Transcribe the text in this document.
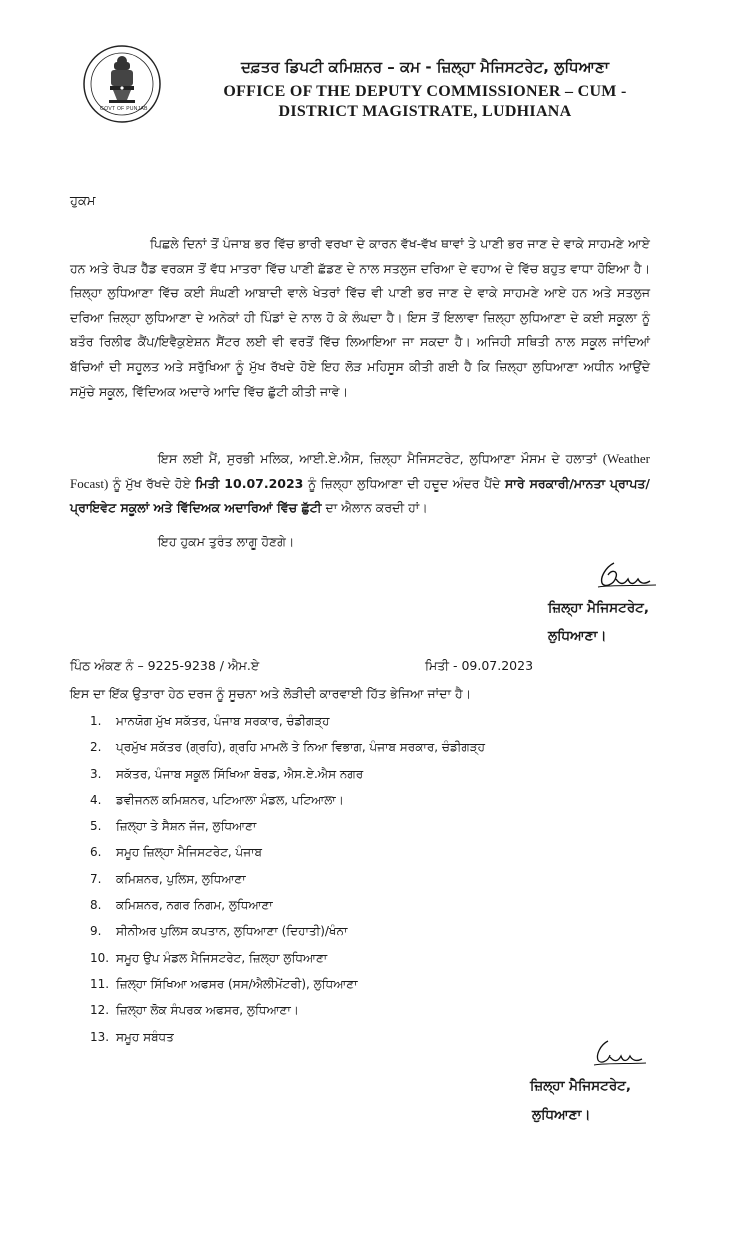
GOVT OF PUNJAB
ਦਫ਼ਤਰ ਡਿਪਟੀ ਕਮਿਸ਼ਨਰ – ਕਮ - ਜ਼ਿਲ੍ਹਾ ਮੈਜਿਸਟਰੇਟ, ਲੁਧਿਆਣਾ
OFFICE OF THE DEPUTY COMMISSIONER – CUM -
DISTRICT MAGISTRATE, LUDHIANA
ਹੁਕਮ
ਪਿਛਲੇ ਦਿਨਾਂ ਤੋਂ ਪੰਜਾਬ ਭਰ ਵਿੱਚ ਭਾਰੀ ਵਰਖਾ ਦੇ ਕਾਰਨ ਵੱਖ-ਵੱਖ ਥਾਵਾਂ ਤੇ ਪਾਣੀ ਭਰ ਜਾਣ ਦੇ ਵਾਕੇ ਸਾਹਮਣੇ ਆਏ ਹਨ ਅਤੇ ਰੋਪੜ ਹੈੱਡ ਵਰਕਸ ਤੋਂ ਵੱਧ ਮਾਤਰਾ ਵਿੱਚ ਪਾਣੀ ਛੱਡਣ ਦੇ ਨਾਲ ਸਤਲੁਜ ਦਰਿਆ ਦੇ ਵਹਾਅ ਦੇ ਵਿੱਚ ਬਹੁਤ ਵਾਧਾ ਹੋਇਆ ਹੈ। ਜ਼ਿਲ੍ਹਾ ਲੁਧਿਆਣਾ ਵਿੱਚ ਕਈ ਸੰਘਣੀ ਆਬਾਦੀ ਵਾਲੇ ਖੇਤਰਾਂ ਵਿੱਚ ਵੀ ਪਾਣੀ ਭਰ ਜਾਣ ਦੇ ਵਾਕੇ ਸਾਹਮਣੇ ਆਏ ਹਨ ਅਤੇ ਸਤਲੁਜ ਦਰਿਆ ਜ਼ਿਲ੍ਹਾ ਲੁਧਿਆਣਾ ਦੇ ਅਨੇਕਾਂ ਹੀ ਪਿੰਡਾਂ ਦੇ ਨਾਲ ਹੋ ਕੇ ਲੰਘਦਾ ਹੈ। ਇਸ ਤੋਂ ਇਲਾਵਾ ਜ਼ਿਲ੍ਹਾ ਲੁਧਿਆਣਾ ਦੇ ਕਈ ਸਕੂਲਾ ਨੂੰ ਬਤੌਰ ਰਿਲੀਫ ਕੈਂਪ/ਇਵੈਕੁਏਸ਼ਨ ਸੈਂਟਰ ਲਈ ਵੀ ਵਰਤੋਂ ਵਿੱਚ ਲਿਆਇਆ ਜਾ ਸਕਦਾ ਹੈ। ਅਜਿਹੀ ਸਥਿਤੀ ਨਾਲ ਸਕੂਲ ਜਾਂਦਿਆਂ ਬੱਚਿਆਂ ਦੀ ਸਹੂਲਤ ਅਤੇ ਸਰੁੱਖਿਆ ਨੂੰ ਮੁੱਖ ਰੱਖਦੇ ਹੋਏ ਇਹ ਲੋੜ ਮਹਿਸੂਸ ਕੀਤੀ ਗਈ ਹੈ ਕਿ ਜ਼ਿਲ੍ਹਾ ਲੁਧਿਆਣਾ ਅਧੀਨ ਆਉਂਦੇ ਸਮੁੱਚੇ ਸਕੂਲ, ਵਿੱਦਿਅਕ ਅਦਾਰੇ ਆਦਿ ਵਿੱਚ ਛੁੱਟੀ ਕੀਤੀ ਜਾਵੇ।
ਇਸ ਲਈ ਮੈਂ, ਸੁਰਭੀ ਮਲਿਕ, ਆਈ.ਏ.ਐਸ, ਜ਼ਿਲ੍ਹਾ ਮੈਜਿਸਟਰੇਟ, ਲੁਧਿਆਣਾ ਮੌਸਮ ਦੇ ਹਲਾਤਾਂ (Weather Focast) ਨੂੰ ਮੁੱਖ ਰੱਖਦੇ ਹੋਏ ਮਿਤੀ 10.07.2023 ਨੂੰ ਜ਼ਿਲ੍ਹਾ ਲੁਧਿਆਣਾ ਦੀ ਹਦੂਦ ਅੰਦਰ ਪੈਂਦੇ ਸਾਰੇ ਸਰਕਾਰੀ/ਮਾਨਤਾ ਪ੍ਰਾਪਤ/ਪ੍ਰਾਇਵੇਟ ਸਕੂਲਾਂ ਅਤੇ ਵਿੱਦਿਅਕ ਅਦਾਰਿਆਂ ਵਿੱਚ ਛੁੱਟੀ ਦਾ ਐਲਾਨ ਕਰਦੀ ਹਾਂ।
ਇਹ ਹੁਕਮ ਤੁਰੰਤ ਲਾਗੂ ਹੋਣਗੇ।
ਜ਼ਿਲ੍ਹਾ ਮੈਜਿਸਟਰੇਟ,
ਲੁਧਿਆਣਾ।
ਪਿੰਠ ਅੰਕਣ ਨੰ – 9225-9238 / ਐਮ.ਏ	ਮਿਤੀ - 09.07.2023
ਇਸ ਦਾ ਇੱਕ ਉਤਾਰਾ ਹੇਠ ਦਰਜ ਨੂੰ ਸੂਚਨਾ ਅਤੇ ਲੋੜੀਦੀ ਕਾਰਵਾਈ ਹਿੱਤ ਭੇਜਿਆ ਜਾਂਦਾ ਹੈ।
1. ਮਾਨਯੋਗ ਮੁੱਖ ਸਕੱਤਰ, ਪੰਜਾਬ ਸਰਕਾਰ, ਚੰਡੀਗੜ੍ਹ
2. ਪ੍ਰਮੁੱਖ ਸਕੱਤਰ (ਗ੍ਰਹਿ), ਗ੍ਰਹਿ ਮਾਮਲੇ ਤੇ ਨਿਆ ਵਿਭਾਗ, ਪੰਜਾਬ ਸਰਕਾਰ, ਚੰਡੀਗੜ੍ਹ
3. ਸਕੱਤਰ, ਪੰਜਾਬ ਸਕੂਲ ਸਿੱਖਿਆ ਬੋਰਡ, ਐਸ.ਏ.ਐਸ ਨਗਰ
4. ਡਵੀਜਨਲ ਕਮਿਸ਼ਨਰ, ਪਟਿਆਲਾ ਮੰਡਲ, ਪਟਿਆਲਾ।
5. ਜ਼ਿਲ੍ਹਾ ਤੇ ਸੈਸ਼ਨ ਜੱਜ, ਲੁਧਿਆਣਾ
6. ਸਮੂਹ ਜ਼ਿਲ੍ਹਾ ਮੈਜਿਸਟਰੇਟ, ਪੰਜਾਬ
7. ਕਮਿਸ਼ਨਰ, ਪੁਲਿਸ, ਲੁਧਿਆਣਾ
8. ਕਮਿਸ਼ਨਰ, ਨਗਰ ਨਿਗਮ, ਲੁਧਿਆਣਾ
9. ਸੀਨੀਅਰ ਪੁਲਿਸ ਕਪਤਾਨ, ਲੁਧਿਆਣਾ (ਦਿਹਾਤੀ)/ਖੰਨਾ
10. ਸਮੂਹ ਉਪ ਮੰਡਲ ਮੈਜਿਸਟਰੇਟ, ਜ਼ਿਲ੍ਹਾ ਲੁਧਿਆਣਾ
11. ਜ਼ਿਲ੍ਹਾ ਸਿੱਖਿਆ ਅਫਸਰ (ਸਸ/ਐਲੀਮੇਂਟਰੀ), ਲੁਧਿਆਣਾ
12. ਜ਼ਿਲ੍ਹਾ ਲੋਕ ਸੰਪਰਕ ਅਫਸਰ, ਲੁਧਿਆਣਾ।
13. ਸਮੂਹ ਸਬੰਧਤ
ਜ਼ਿਲ੍ਹਾ ਮੈਜਿਸਟਰੇਟ,
ਲੁਧਿਆਣਾ।
